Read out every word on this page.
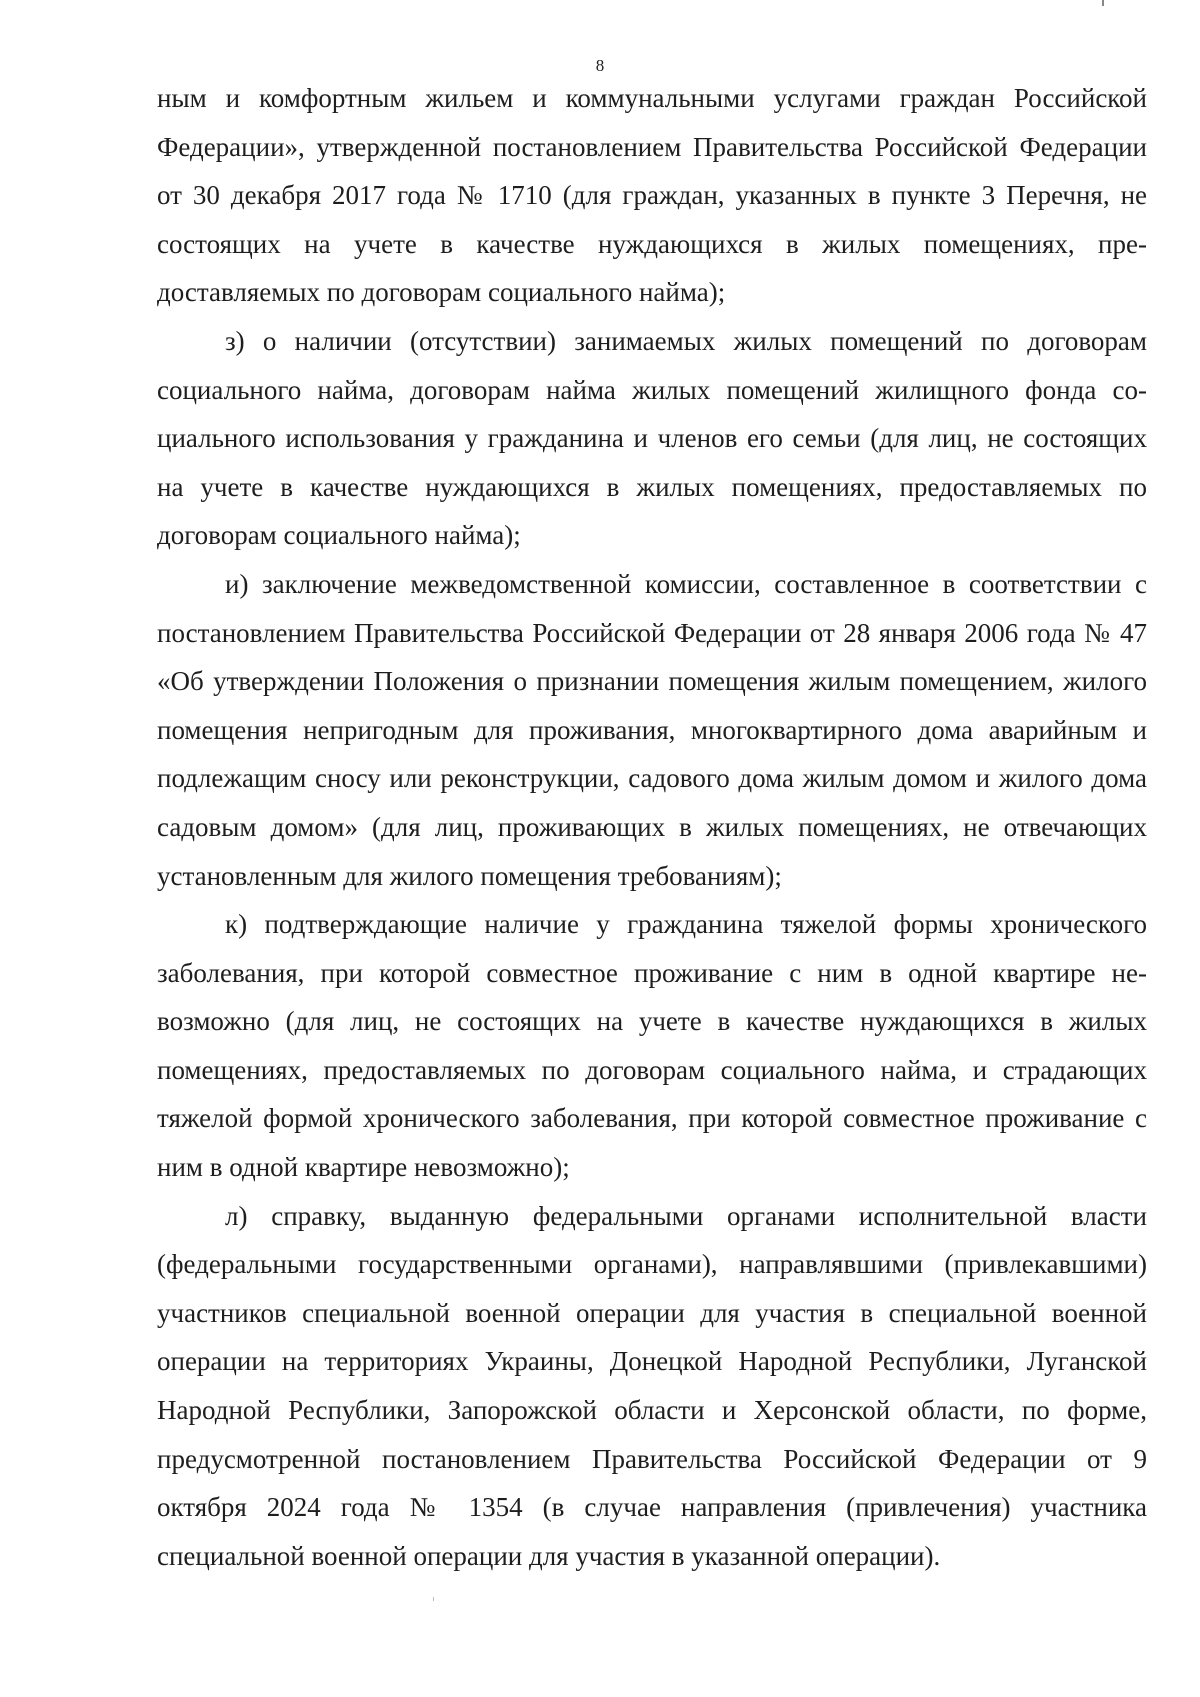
8

ным и комфортным жильем и коммунальными услугами граждан Российской Федерации», утвержденной постановлением Правительства Российской Федерации от 30 декабря 2017 года № 1710 (для граждан, указанных в пункте 3 Перечня, не состоящих на учете в качестве нуждающихся в жилых помещениях, предоставляемых по договорам социального найма);

з) о наличии (отсутствии) занимаемых жилых помещений по договорам социального найма, договорам найма жилых помещений жилищного фонда социального использования у гражданина и членов его семьи (для лиц, не состоящих на учете в качестве нуждающихся в жилых помещениях, предоставляемых по договорам социального найма);

и) заключение межведомственной комиссии, составленное в соответствии с постановлением Правительства Российской Федерации от 28 января 2006 года № 47 «Об утверждении Положения о признании помещения жилым помещением, жилого помещения непригодным для проживания, многоквартирного дома аварийным и подлежащим сносу или реконструкции, садового дома жилым домом и жилого дома садовым домом» (для лиц, проживающих в жилых помещениях, не отвечающих установленным для жилого помещения требованиям);

к) подтверждающие наличие у гражданина тяжелой формы хронического заболевания, при которой совместное проживание с ним в одной квартире невозможно (для лиц, не состоящих на учете в качестве нуждающихся в жилых помещениях, предоставляемых по договорам социального найма, и страдающих тяжелой формой хронического заболевания, при которой совместное проживание с ним в одной квартире невозможно);

л) справку, выданную федеральными органами исполнительной власти (федеральными государственными органами), направлявшими (привлекавшими) участников специальной военной операции для участия в специальной военной операции на территориях Украины, Донецкой Народной Республики, Луганской Народной Республики, Запорожской области и Херсонской области, по форме, предусмотренной постановлением Правительства Российской Федерации от 9 октября 2024 года № 1354 (в случае направления (привлечения) участника специальной военной операции для участия в указанной операции).
